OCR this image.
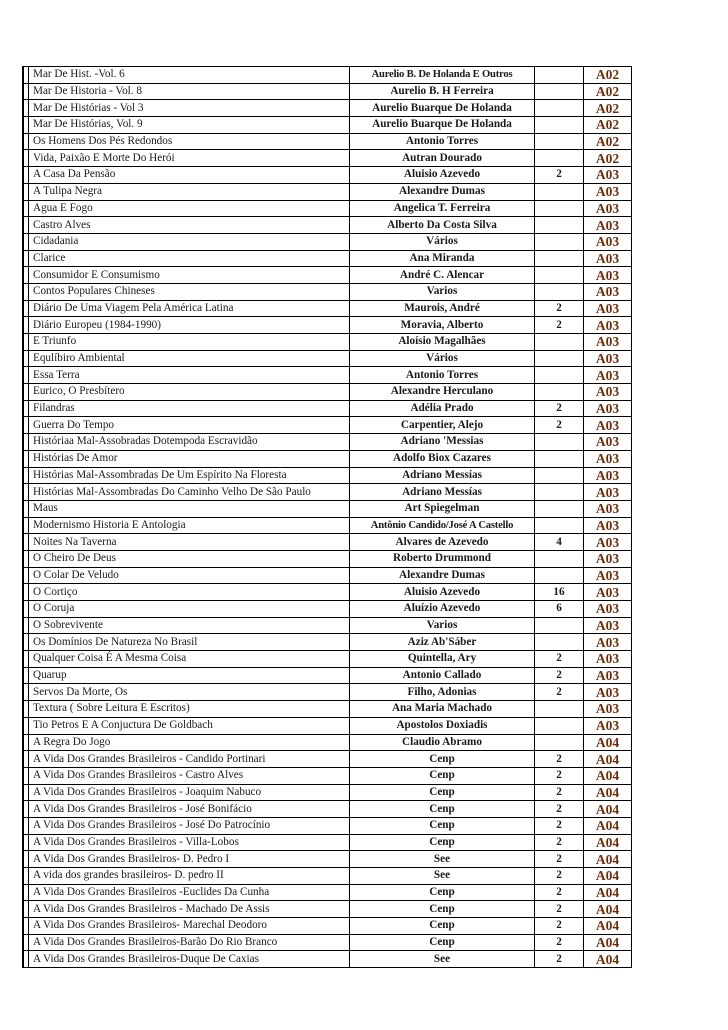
	Mar De Hist. -Vol. 6	Aurelio B. De Holanda E Outros		A02
	Mar De Historia - Vol. 8	Aurelio B. H Ferreira		A02
	Mar De Histórias - Vol 3	Aurelio Buarque De Holanda		A02
	Mar De Histórias, Vol. 9	Aurelio Buarque De Holanda		A02
	Os Homens Dos Pés Redondos	Antonio Torres		A02
	Vida, Paixão E Morte Do Herói	Autran Dourado		A02
	A Casa Da Pensão	Aluisio Azevedo	2	A03
	A Tulipa Negra	Alexandre Dumas		A03
	Agua E Fogo	Angelica T. Ferreira		A03
	Castro Alves	Alberto Da Costa Silva		A03
	Cidadania	Vários		A03
	Clarice	Ana Miranda		A03
	Consumidor E Consumismo	André C. Alencar		A03
	Contos Populares Chineses	Varios		A03
	Diário De Uma Viagem Pela América Latina	Maurois, André	2	A03
	Diário Europeu (1984-1990)	Moravia, Alberto	2	A03
	E Triunfo	Aloísio Magalhães		A03
	Equlíbiro Ambiental	Vários		A03
	Essa Terra	Antonio Torres		A03
	Eurico, O Presbítero	Alexandre Herculano		A03
	Filandras	Adélia Prado	2	A03
	Guerra Do Tempo	Carpentier, Alejo	2	A03
	Históriaa Mal-Assobradas Dotempoda Escravidão	Adriano 'Messias		A03
	Histórias De Amor	Adolfo Biox Cazares		A03
	Histórias Mal-Assombradas De Um Espírito Na Floresta	Adriano Messías		A03
	Histórias Mal-Assombradas Do Caminho Velho De São Paulo	Adriano Messías		A03
	Maus	Art Spiegelman		A03
	Modernismo Historia E Antologia	Antônio Candido/José A Castello		A03
	Noites Na Taverna	Alvares de Azevedo	4	A03
	O Cheiro De Deus	Roberto Drummond		A03
	O Colar De Veludo	Alexandre Dumas		A03
	O Cortiço	Aluisio Azevedo	16	A03
	O Coruja	Aluízio Azevedo	6	A03
	O Sobrevivente	Varios		A03
	Os Domínios De Natureza No Brasil	Aziz Ab'Sáber		A03
	Qualquer Coisa É A Mesma Coisa	Quintella, Ary	2	A03
	Quarup	Antonio Callado	2	A03
	Servos Da Morte, Os	Filho, Adonias	2	A03
	Textura ( Sobre Leitura E Escritos)	Ana Maria Machado		A03
	Tio Petros E A Conjuctura De Goldbach	Apostolos Doxiadis		A03
	A Regra Do Jogo	Claudio Abramo		A04
	A Vida Dos Grandes Brasileiros - Candido Portinari	Cenp	2	A04
	A Vida Dos Grandes Brasileiros - Castro Alves	Cenp	2	A04
	A Vida Dos Grandes Brasileiros - Joaquim Nabuco	Cenp	2	A04
	A Vida Dos Grandes Brasileiros - José Bonifácio	Cenp	2	A04
	A Vida Dos Grandes Brasileiros - José Do Patrocínio	Cenp	2	A04
	A Vida Dos Grandes Brasileiros - Villa-Lobos	Cenp	2	A04
	A Vida Dos Grandes Brasileiros- D. Pedro I	See	2	A04
	A vida dos grandes brasileiros- D. pedro II	See	2	A04
	A Vida Dos Grandes Brasileiros -Euclides Da Cunha	Cenp	2	A04
	A Vida Dos Grandes Brasileiros - Machado De Assis	Cenp	2	A04
	A Vida Dos Grandes Brasileiros- Marechal Deodoro	Cenp	2	A04
	A Vida Dos Grandes Brasileiros-Barão Do Rio Branco	Cenp	2	A04
	A Vida Dos Grandes Brasileiros-Duque De Caxias	See	2	A04
